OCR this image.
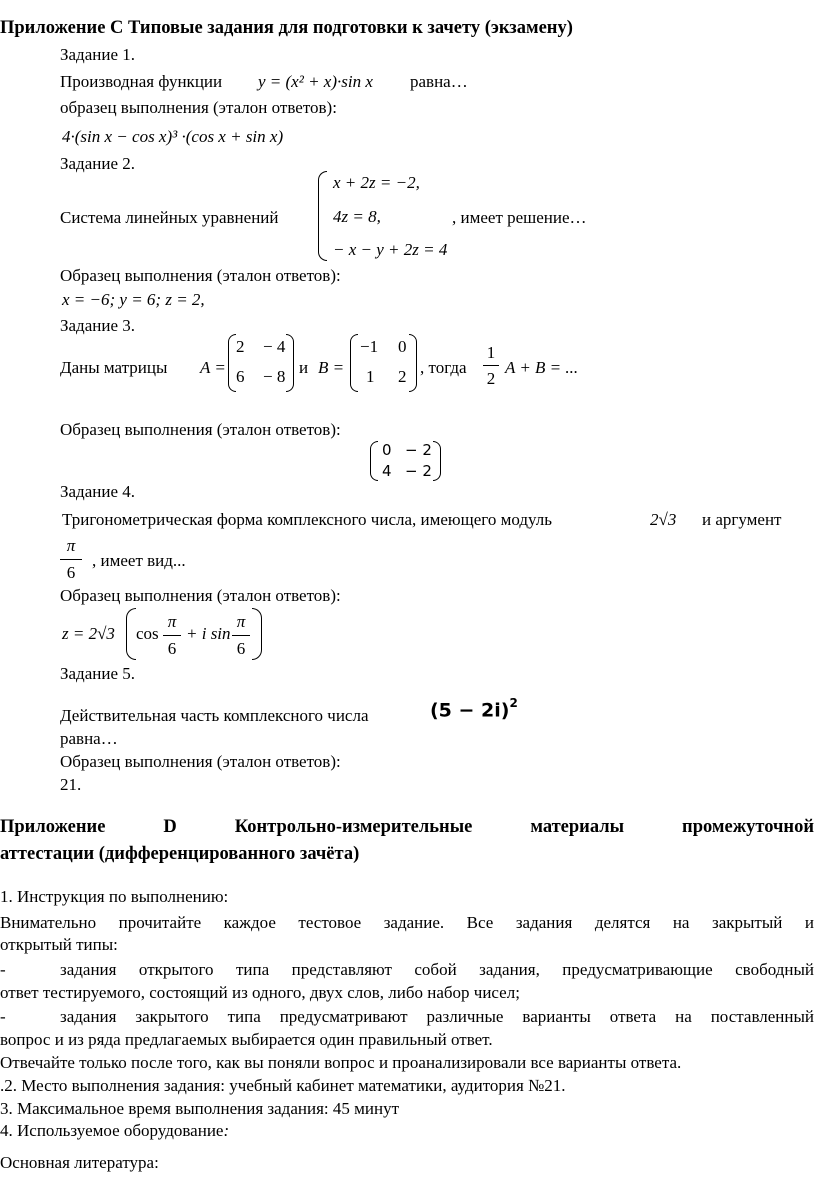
Приложение С Типовые задания для подготовки к зачету (экзамену)
Задание 1.
Производная функции y = (x² + x)·sin x равна…
образец выполнения (эталон ответов):
4·(sin x − cos x)³ ·(cos x + sin x)
Задание 2.
Система линейных уравнений
x + 2z = −2,
4z = 8,
− x − y + 2z = 4
, имеет решение…
Образец выполнения (эталон ответов):
x = −6; y = 6; z = 2,
Задание 3.
Даны матрицы A =
2 − 4
6 − 8 и B =
−1 0
1 2 , тогда
1
2
A + B = ...
Образец выполнения (эталон ответов):
0 − 2
4 − 2
Задание 4.
Тригонометрическая форма комплексного числа, имеющего модуль	2√3 и аргумент
π
6
, имеет вид...
Образец выполнения (эталон ответов):
z = 2√3 cos
π
6
+ i sin
π
6
Задание 5.
Действительная часть комплексного числа	$(5 - 2i)^2$
равна…
Образец выполнения (эталон ответов):
21.
Приложение D Контрольно-измерительные материалы промежуточной
аттестации (дифференцированного зачёта)
1. Инструкция по выполнению:
Внимательно прочитайте каждое тестовое задание. Все задания делятся на закрытый и
открытый типы:
-	задания открытого типа представляют собой задания, предусматривающие свободный
ответ тестируемого, состоящий из одного, двух слов, либо набор чисел;
-	задания закрытого типа предусматривают различные варианты ответа на поставленный
вопрос и из ряда предлагаемых выбирается один правильный ответ.
Отвечайте только после того, как вы поняли вопрос и проанализировали все варианты ответа.
.2. Место выполнения задания: учебный кабинет математики, аудитория №21.
3. Максимальное время выполнения задания: 45 минут
4. Используемое оборудование:
Основная литература:
